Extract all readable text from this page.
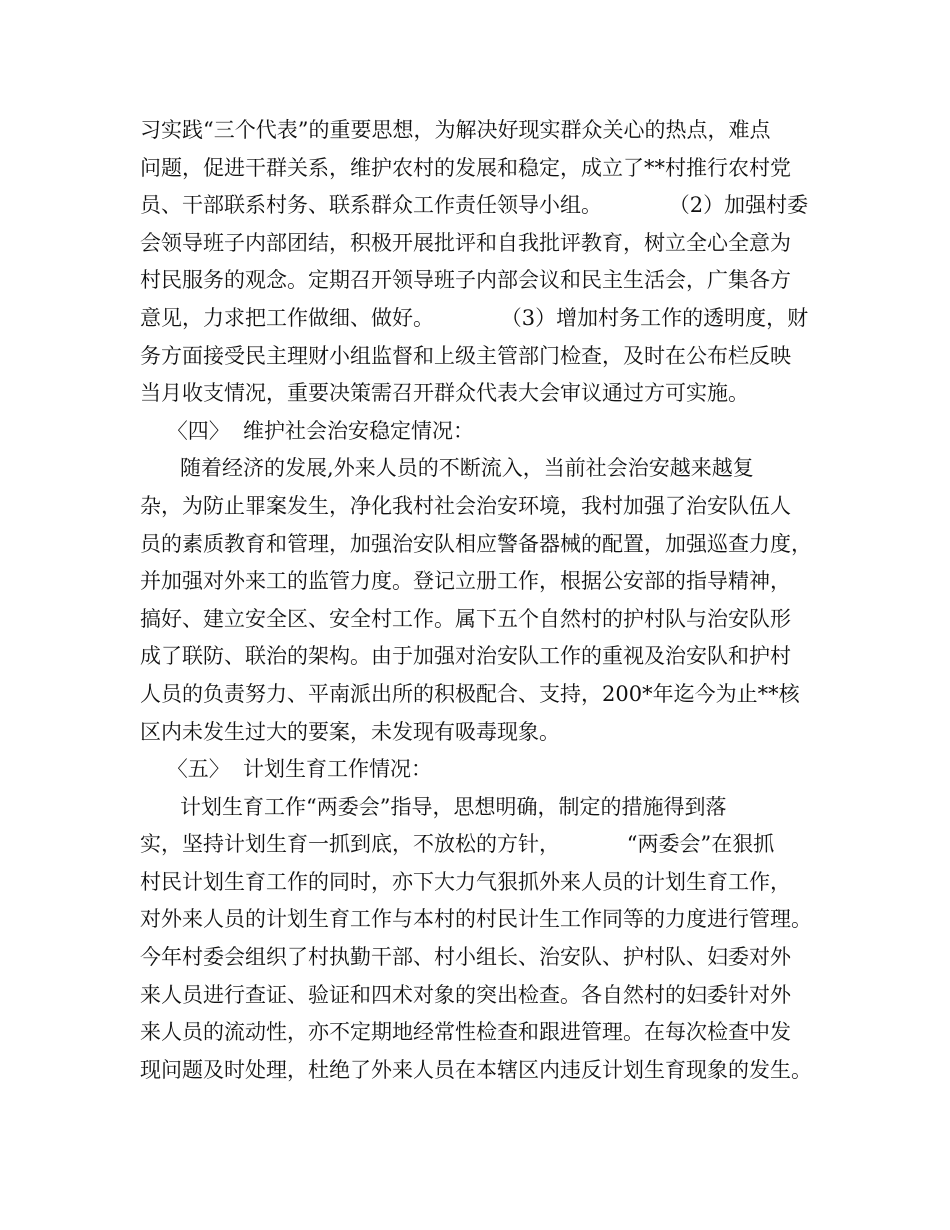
习实践“三个代表”的重要思想，为解决好现实群众关心的热点，难点
问题，促进干群关系，维护农村的发展和稳定，成立了**村推行农村党
员、干部联系村务、联系群众工作责任领导小组。          （2）加强村委
会领导班子内部团结，积极开展批评和自我批评教育，树立全心全意为
村民服务的观念。定期召开领导班子内部会议和民主生活会，广集各方
意见，力求把工作做细、做好。          （3）增加村务工作的透明度，财
务方面接受民主理财小组监督和上级主管部门检查，及时在公布栏反映
当月收支情况，重要决策需召开群众代表大会审议通过方可实施。
〈四〉  维护社会治安稳定情况：
随着经济的发展,外来人员的不断流入，当前社会治安越来越复
杂，为防止罪案发生，净化我村社会治安环境，我村加强了治安队伍人
员的素质教育和管理，加强治安队相应警备器械的配置，加强巡查力度，
并加强对外来工的监管力度。登记立册工作，根据公安部的指导精神，
搞好、建立安全区、安全村工作。属下五个自然村的护村队与治安队形
成了联防、联治的架构。由于加强对治安队工作的重视及治安队和护村
人员的负责努力、平南派出所的积极配合、支持，200*年迄今为止**核
区内未发生过大的要案，未发现有吸毒现象。
〈五〉  计划生育工作情况：
计划生育工作“两委会”指导，思想明确，制定的措施得到落
实，坚持计划生育一抓到底，不放松的方针，          “两委会”在狠抓
村民计划生育工作的同时，亦下大力气狠抓外来人员的计划生育工作，
对外来人员的计划生育工作与本村的村民计生工作同等的力度进行管理。
今年村委会组织了村执勤干部、村小组长、治安队、护村队、妇委对外
来人员进行查证、验证和四术对象的突出检查。各自然村的妇委针对外
来人员的流动性，亦不定期地经常性检查和跟进管理。在每次检查中发
现问题及时处理，杜绝了外来人员在本辖区内违反计划生育现象的发生。
